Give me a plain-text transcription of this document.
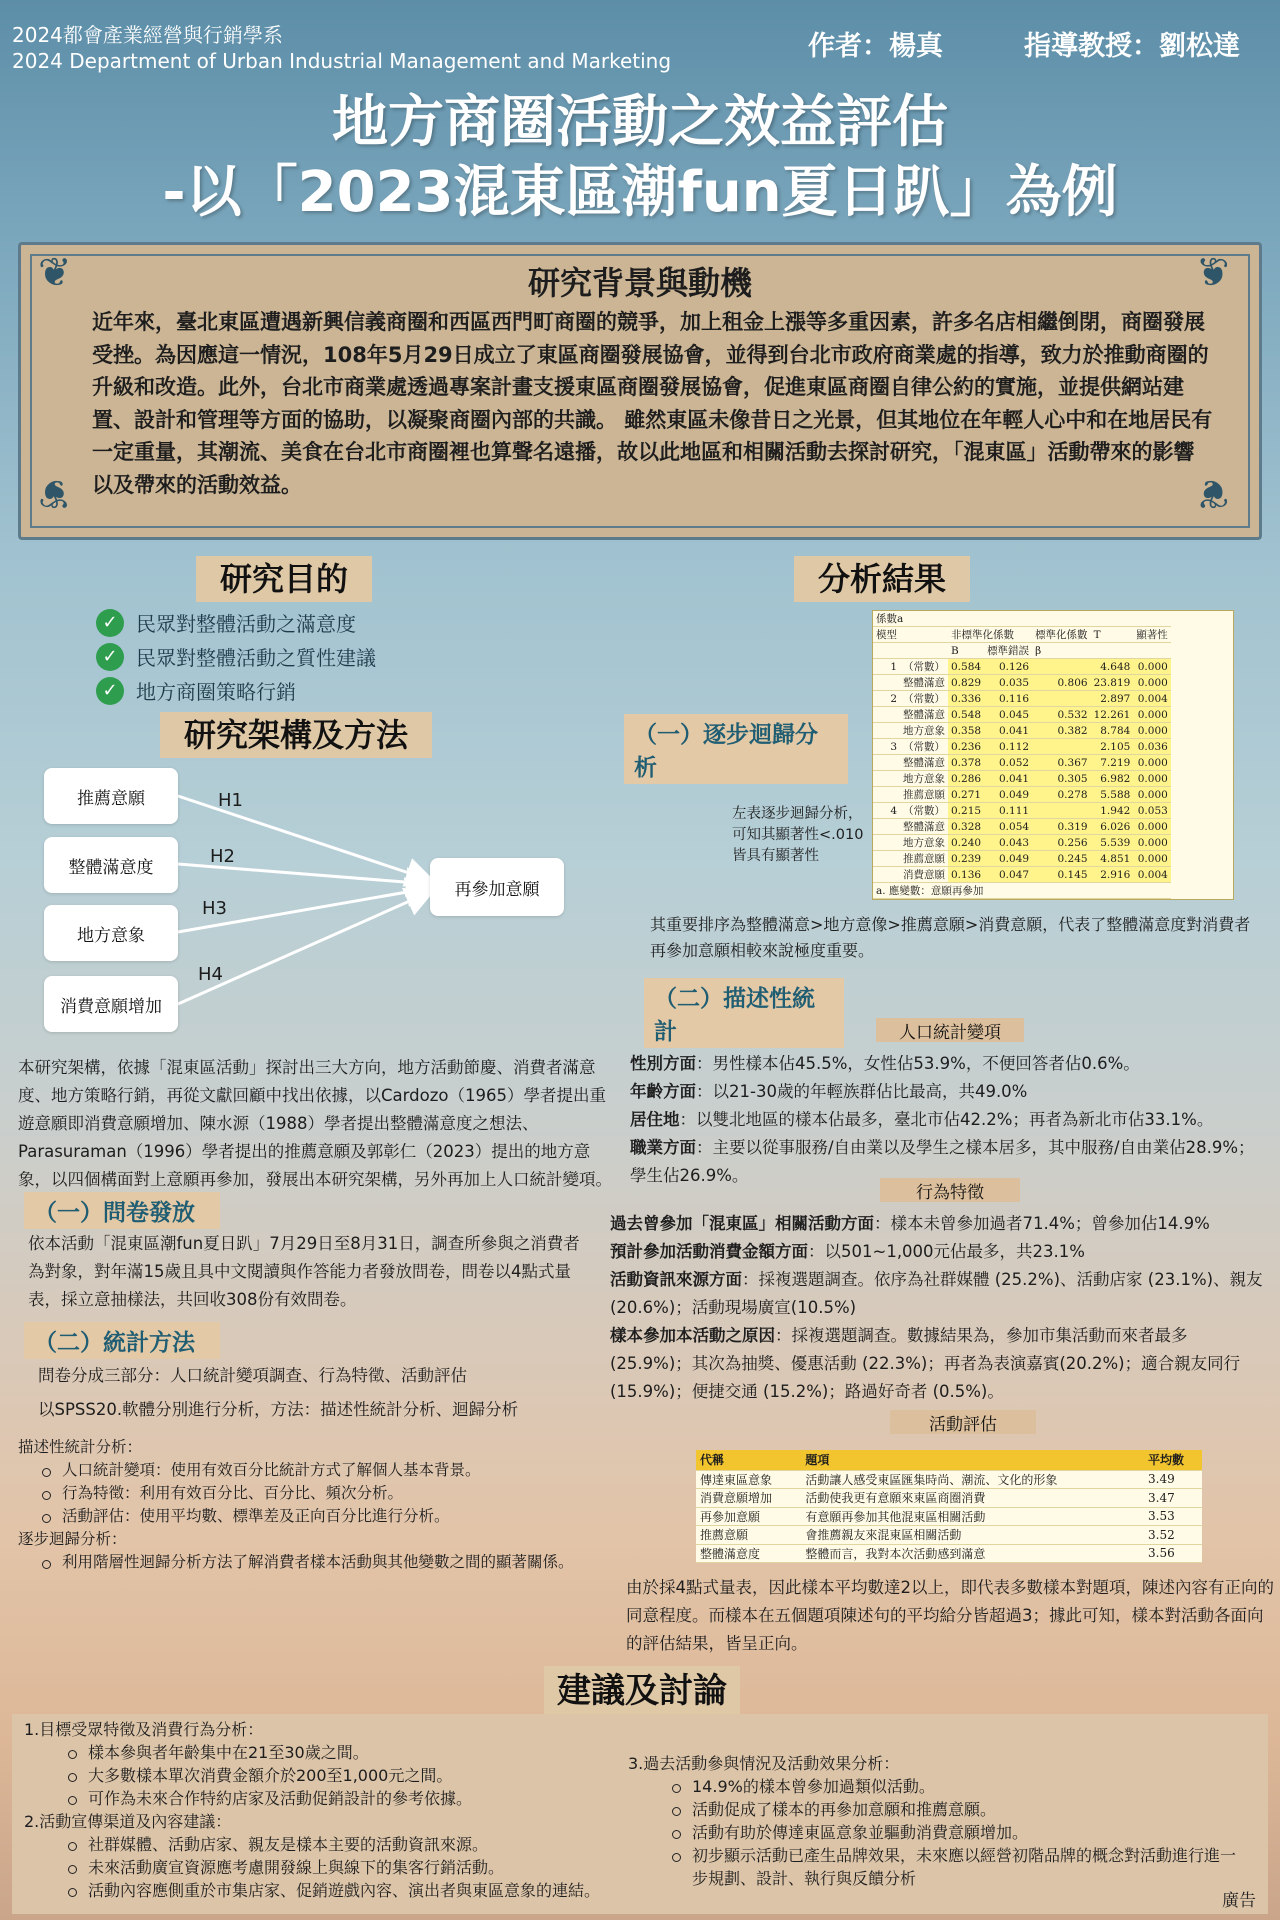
2024都會產業經營與行銷學系
2024 Department of Urban Industrial Management and Marketing	作者：楊真	指導教授：劉松達
地方商圈活動之效益評估
-以「2023混東區潮fun夏日趴」為例
❦	❦
❦	❦
研究背景與動機
近年來，臺北東區遭遇新興信義商圈和西區西門町商圈的競爭，加上租金上漲等多重因素，許多名店相繼倒閉，商圈發展受挫。為因應這一情況，108年5月29日成立了東區商圈發展協會，並得到台北市政府商業處的指導，致力於推動商圈的升級和改造。此外，台北市商業處透過專案計畫支援東區商圈發展協會，促進東區商圈自律公約的實施，並提供網站建置、設計和管理等方面的協助，以凝聚商圈內部的共識。 雖然東區未像昔日之光景，但其地位在年輕人心中和在地居民有一定重量，其潮流、美食在台北市商圈裡也算聲名遠播，故以此地區和相關活動去探討研究，「混東區」活動帶來的影響以及帶來的活動效益。
研究目的
✓ 民眾對整體活動之滿意度
✓ 民眾對整體活動之質性建議
✓ 地方商圈策略行銷
研究架構及方法
推薦意願
整體滿意度
地方意象
消費意願增加
再參加意願
H1
H2
H3
H4
本研究架構，依據「混東區活動」探討出三大方向，地方活動節慶、消費者滿意度、地方策略行銷，再從文獻回顧中找出依據，以Cardozo（1965）學者提出重遊意願即消費意願增加、陳水源（1988）學者提出整體滿意度之想法、Parasuraman（1996）學者提出的推薦意願及郭彰仁（2023）提出的地方意象，以四個構面對上意願再參加，發展出本研究架構，另外再加上人口統計變項。
（一）問卷發放
依本活動「混東區潮fun夏日趴」7月29日至8月31日，調查所參與之消費者為對象，對年滿15歲且具中文閱讀與作答能力者發放問卷，問卷以4點式量表，採立意抽樣法，共回收308份有效問卷。
（二）統計方法
問卷分成三部分：人口統計變項調查、行為特徵、活動評估
以SPSS20.軟體分別進行分析，方法：描述性統計分析、迴歸分析
描述性統計分析：
人口統計變項：使用有效百分比統計方式了解個人基本背景。
行為特徵：利用有效百分比、百分比、頻次分析。
活動評估：使用平均數、標準差及正向百分比進行分析。
逐步迴歸分析：
利用階層性迴歸分析方法了解消費者樣本活動與其他變數之間的顯著關係。
分析結果
（一）逐步迴歸分析
係數a						
模型		非標準化係數		標準化係數	T	顯著性
		B	標準錯誤	β		
1	（常數）	0.584	0.126		4.648	0.000
	整體滿意	0.829	0.035	0.806	23.819	0.000
2	（常數）	0.336	0.116		2.897	0.004
	整體滿意	0.548	0.045	0.532	12.261	0.000
	地方意象	0.358	0.041	0.382	8.784	0.000
3	（常數）	0.236	0.112		2.105	0.036
	整體滿意	0.378	0.052	0.367	7.219	0.000
	地方意象	0.286	0.041	0.305	6.982	0.000
	推薦意願	0.271	0.049	0.278	5.588	0.000
4	（常數）	0.215	0.111		1.942	0.053
	整體滿意	0.328	0.054	0.319	6.026	0.000
	地方意象	0.240	0.043	0.256	5.539	0.000
	推薦意願	0.239	0.049	0.245	4.851	0.000
	消費意願	0.136	0.047	0.145	2.916	0.004
a. 應變數：意願再參加						
左表逐步迴歸分析，
可知其顯著性<.010
皆具有顯著性
其重要排序為整體滿意>地方意像>推薦意願>消費意願，代表了整體滿意度對消費者再參加意願相較來說極度重要。
（二）描述性統計	人口統計變項
性別方面：男性樣本佔45.5%，女性佔53.9%，不便回答者佔0.6%。
年齡方面：以21-30歲的年輕族群佔比最高，共49.0%
居住地：以雙北地區的樣本佔最多，臺北市佔42.2%；再者為新北市佔33.1%。
職業方面：主要以從事服務/自由業以及學生之樣本居多，其中服務/自由業佔28.9%；學生佔26.9%。
行為特徵
過去曾參加「混東區」相關活動方面：樣本未曾參加過者71.4%；曾參加佔14.9%
預計參加活動消費金額方面：以501~1,000元佔最多，共23.1%
活動資訊來源方面：採複選題調查。依序為社群媒體 (25.2%)、活動店家 (23.1%)、親友 (20.6%)；活動現場廣宣(10.5%)
樣本參加本活動之原因：採複選題調查。數據結果為，參加市集活動而來者最多 (25.9%)；其次為抽獎、優惠活動 (22.3%)；再者為表演嘉賓(20.2%)；適合親友同行 (15.9%)；便捷交通 (15.2%)；路過好奇者 (0.5%)。
活動評估
代稱	題項	平均數
傳達東區意象	活動讓人感受東區匯集時尚、潮流、文化的形象	3.49
消費意願增加	活動使我更有意願來東區商圈消費	3.47
再參加意願	有意願再參加其他混東區相關活動	3.53
推薦意願	會推薦親友來混東區相關活動	3.52
整體滿意度	整體而言，我對本次活動感到滿意	3.56
由於採4點式量表，因此樣本平均數達2以上，即代表多數樣本對題項，陳述內容有正向的同意程度。而樣本在五個題項陳述句的平均給分皆超過3；據此可知，樣本對活動各面向的評估結果，皆呈正向。
建議及討論
1.目標受眾特徵及消費行為分析：
樣本參與者年齡集中在21至30歲之間。
大多數樣本單次消費金額介於200至1,000元之間。
可作為未來合作特約店家及活動促銷設計的參考依據。
2.活動宣傳渠道及內容建議：
社群媒體、活動店家、親友是樣本主要的活動資訊來源。
未來活動廣宣資源應考慮開發線上與線下的集客行銷活動。
活動內容應側重於市集店家、促銷遊戲內容、演出者與東區意象的連結。
3.過去活動參與情況及活動效果分析：
14.9%的樣本曾參加過類似活動。
活動促成了樣本的再參加意願和推薦意願。
活動有助於傳達東區意象並驅動消費意願增加。
初步顯示活動已產生品牌效果，未來應以經營初階品牌的概念對活動進行進一步規劃、設計、執行與反饋分析
廣告
